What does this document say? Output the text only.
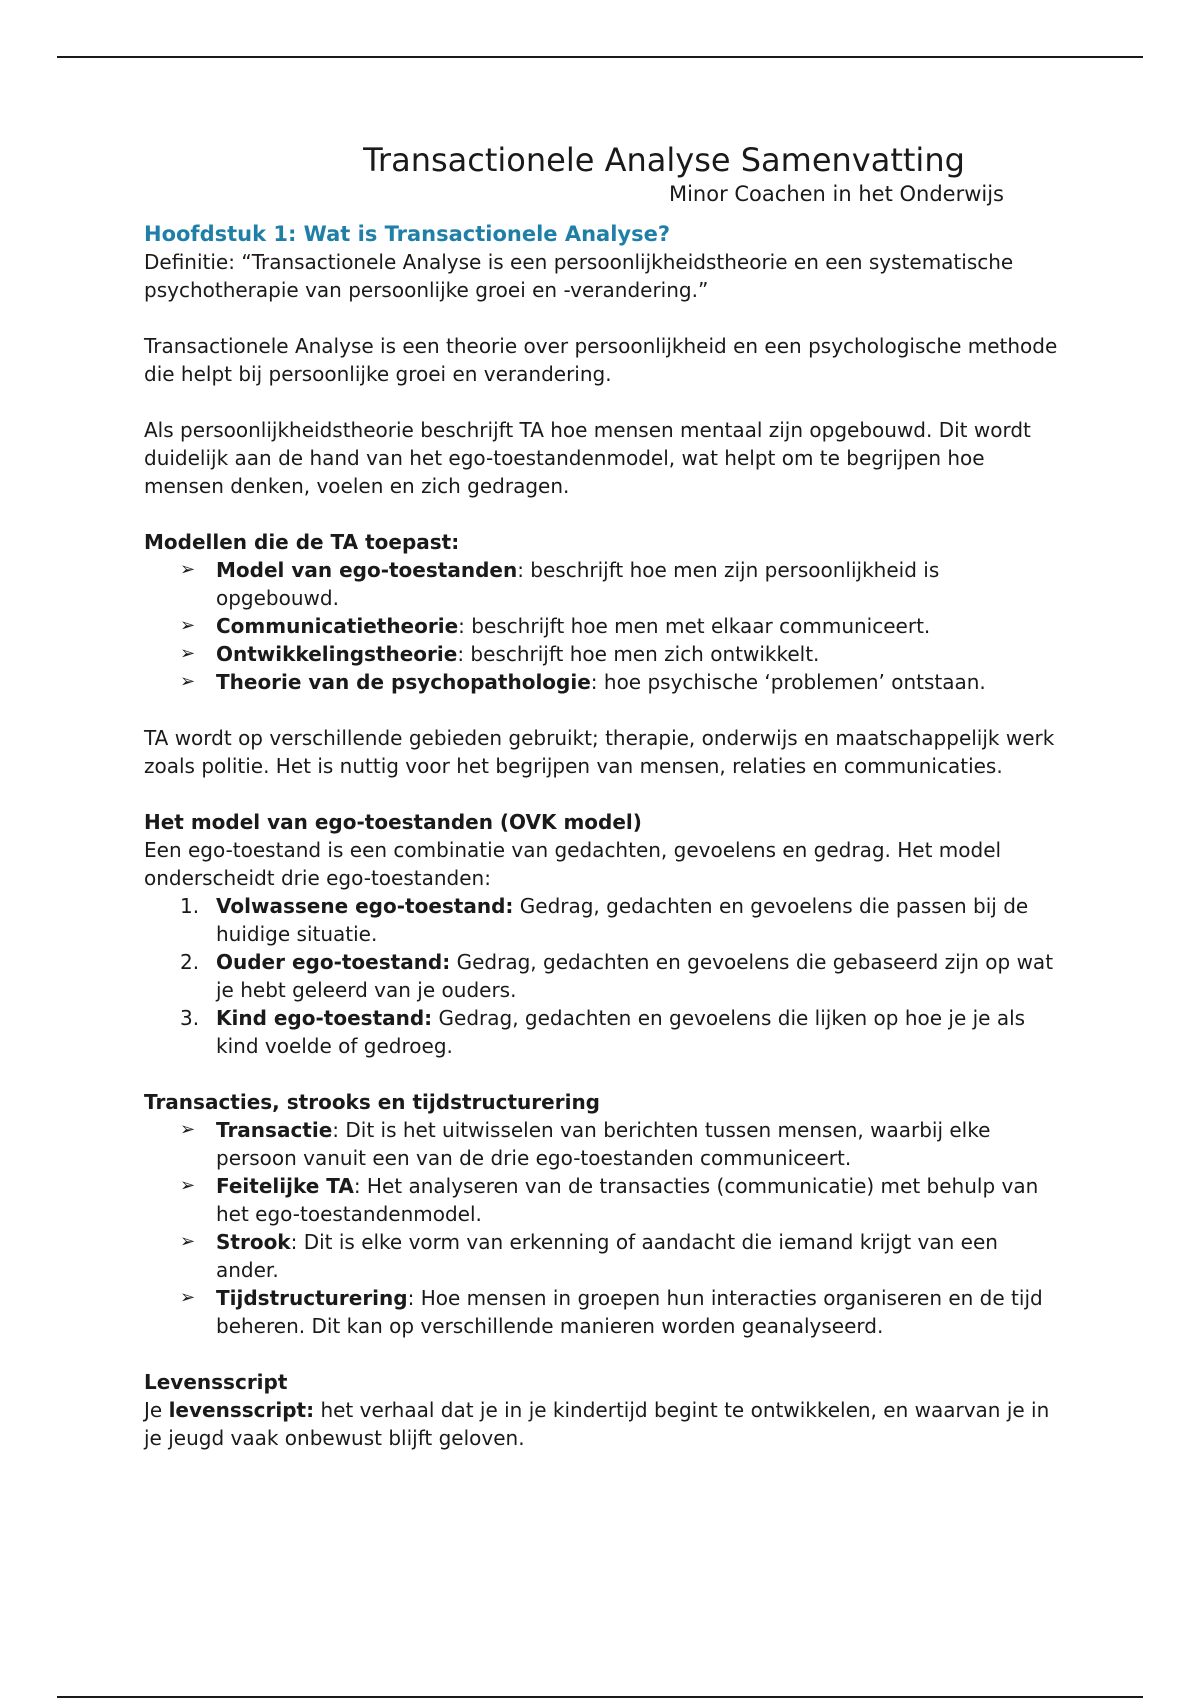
Transactionele Analyse Samenvatting
Minor Coachen in het Onderwijs
Hoofdstuk 1: Wat is Transactionele Analyse?

Definitie: “Transactionele Analyse is een persoonlijkheidstheorie en een systematische psychotherapie van persoonlijke groei en -verandering.”

Transactionele Analyse is een theorie over persoonlijkheid en een psychologische methode die helpt bij persoonlijke groei en verandering.

Als persoonlijkheidstheorie beschrijft TA hoe mensen mentaal zijn opgebouwd. Dit wordt duidelijk aan de hand van het ego-toestandenmodel, wat helpt om te begrijpen hoe mensen denken, voelen en zich gedragen.

Modellen die de TA toepast:
➢ Model van ego-toestanden: beschrijft hoe men zijn persoonlijkheid is opgebouwd.
➢ Communicatietheorie: beschrijft hoe men met elkaar communiceert.
➢ Ontwikkelingstheorie: beschrijft hoe men zich ontwikkelt.
➢ Theorie van de psychopathologie: hoe psychische ‘problemen’ ontstaan.

TA wordt op verschillende gebieden gebruikt; therapie, onderwijs en maatschappelijk werk zoals politie. Het is nuttig voor het begrijpen van mensen, relaties en communicaties.

Het model van ego-toestanden (OVK model)

Een ego-toestand is een combinatie van gedachten, gevoelens en gedrag. Het model onderscheidt drie ego-toestanden:

1. Volwassene ego-toestand: Gedrag, gedachten en gevoelens die passen bij de huidige situatie.
2. Ouder ego-toestand: Gedrag, gedachten en gevoelens die gebaseerd zijn op wat je hebt geleerd van je ouders.
3. Kind ego-toestand: Gedrag, gedachten en gevoelens die lijken op hoe je je als kind voelde of gedroeg.
Transacties, strooks en tijdstructurering
➢ Transactie: Dit is het uitwisselen van berichten tussen mensen, waarbij elke persoon vanuit een van de drie ego-toestanden communiceert.
➢ Feitelijke TA: Het analyseren van de transacties (communicatie) met behulp van het ego-toestandenmodel.
➢ Strook: Dit is elke vorm van erkenning of aandacht die iemand krijgt van een ander.
➢ Tijdstructurering: Hoe mensen in groepen hun interacties organiseren en de tijd beheren. Dit kan op verschillende manieren worden geanalyseerd.
Levensscript

Je levensscript: het verhaal dat je in je kindertijd begint te ontwikkelen, en waarvan je in je jeugd vaak onbewust blijft geloven.
